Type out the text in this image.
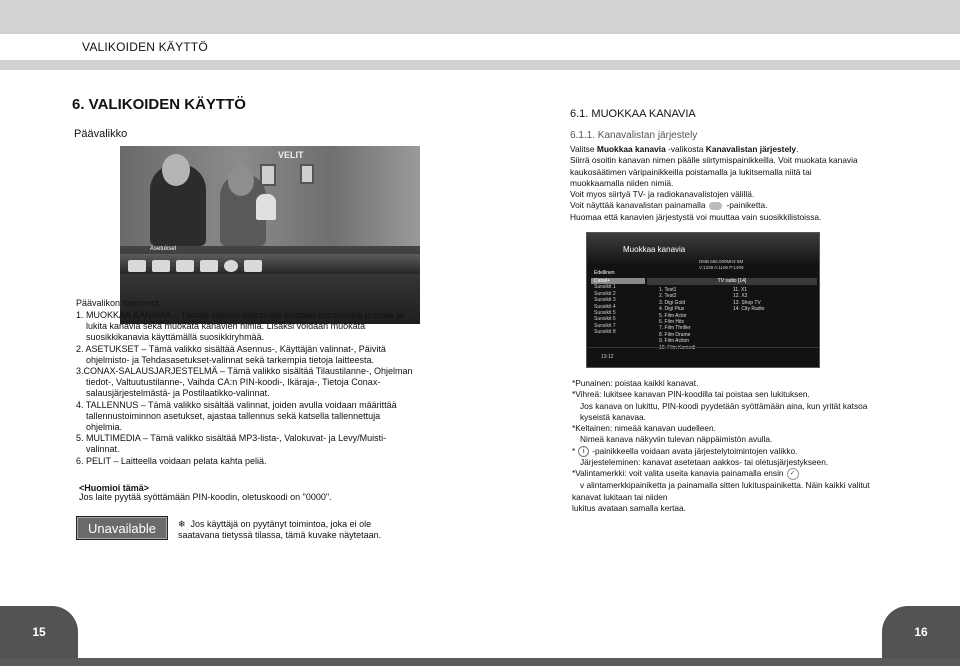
VALIKOIDEN KÄYTTÖ
6. VALIKOIDEN KÄYTTÖ
Päävalikko
VELIT
Asetukset
Päävalikon toiminnot

1. MUOKKAA KANAVIA – Tämän valikon valinnoilla voidaan esimerkiksi poistaa ja

lukita kanavia sekä muokata kanavien nimiä. Lisäksi voidaan muokata

suosikkikanavia käyttämällä suosikkiryhmää.

2. ASETUKSET – Tämä valikko sisältää Asennus-, Käyttäjän valinnat-, Päivitä

ohjelmisto- ja Tehdasasetukset-valinnat sekä tarkempia tietoja laitteesta.

3.CONAX-SALAUSJARJESTELMÄ – Tämä valikko sisältää Tilaustilanne-, Ohjelman

tiedot-, Valtuutustilanne-, Vaihda CA:n PIN-koodi-, Ikäraja-, Tietoja Conax-

salausjärjestelmästä- ja Postilaatikko-valinnat.

4. TALLENNUS – Tämä valikko sisältää valinnat, joiden avulla voidaan määrittää

tallennustoiminnon asetukset, ajastaa tallennus sekä katsella tallennettuja

ohjelmia.

5. MULTIMEDIA – Tämä valikko sisältää MP3-lista-, Valokuvat- ja Levy/Muisti-

valinnat.

6. PELIT – Laitteella voidaan pelata kahta peliä.

<Huomioi tämä>
Jos laite pyytää syöttämään PIN-koodin, oletuskoodi on "0000".
Unavailable	❄ Jos käyttäjä on pyytänyt toimintoa, joka ei ole saatavana tietyssä tilassa, tämä kuvake näytetaan.
6.1. MUOKKAA KANAVIA
6.1.1. Kanavalistan järjestely

Valitse Muokkaa kanavia -valikosta Kanavalistan järjestely.

Siirrä osoitin kanavan nimen päälle siirtymispainikkeilla. Voit muokata kanavia

kaukosäätimen väripainikkeilla poistamalla ja lukitsemalla niitä tai

muokkaamalla niiden nimiä.

Voit myos siirtyä TV- ja radiokanavalistojen välillä.

Voit näyttää kanavalistan painamalla	-painiketta.

Huomaa että kanavien järjestystä voi muuttaa vain suosikkilistoissa.

Muokkaa kanavia
DMB 666.000MHz 8M
V:1339 A:1106 P:1409
Edellinen
Canal+
Suosikit 1
Suosikit 2
Suosikit 3
Suosikit 4
Suosikit 5
Suosikit 6
Suosikit 7
Suosikit 8
TV radio [14]
1. Test1
2. Test2
3. Digi Gold
4. Digi Plus
5. Film Actor
6. Film Hits
7. Film Thriller
8. Film Drame
9. Film Action
10. Film Komedi
11. X1
12. X2
13. Shop TV
14. City Radio
13:12

*Punainen: poistaa kaikki kanavat.

*Vihreä: lukitsee kanavan PIN-koodilla tai poistaa sen lukituksen.

Jos kanava on lukittu, PIN-koodi pyydetään syöttämään aina, kun yrität katsoa

kyseistä kanavaa.

*Keltainen: nimeää kanavan uudelleen.

Nimeä kanava näkyviin tulevan näppäimistön avulla.

* i -painikkeella voidaan avata järjestelytoimintojen valikko.

Järjesteleminen: kanavat asetetaan aakkos- tai oletusjärjestykseen.

*Valintamerkki: voit valita useita kanavia painamalla ensin ✓

v alintamerkkipainiketta ja painamalla sitten lukituspainiketta. Näin kaikki valitut

kanavat lukitaan tai niiden

lukitus avataan samalla kertaa.

15	16
